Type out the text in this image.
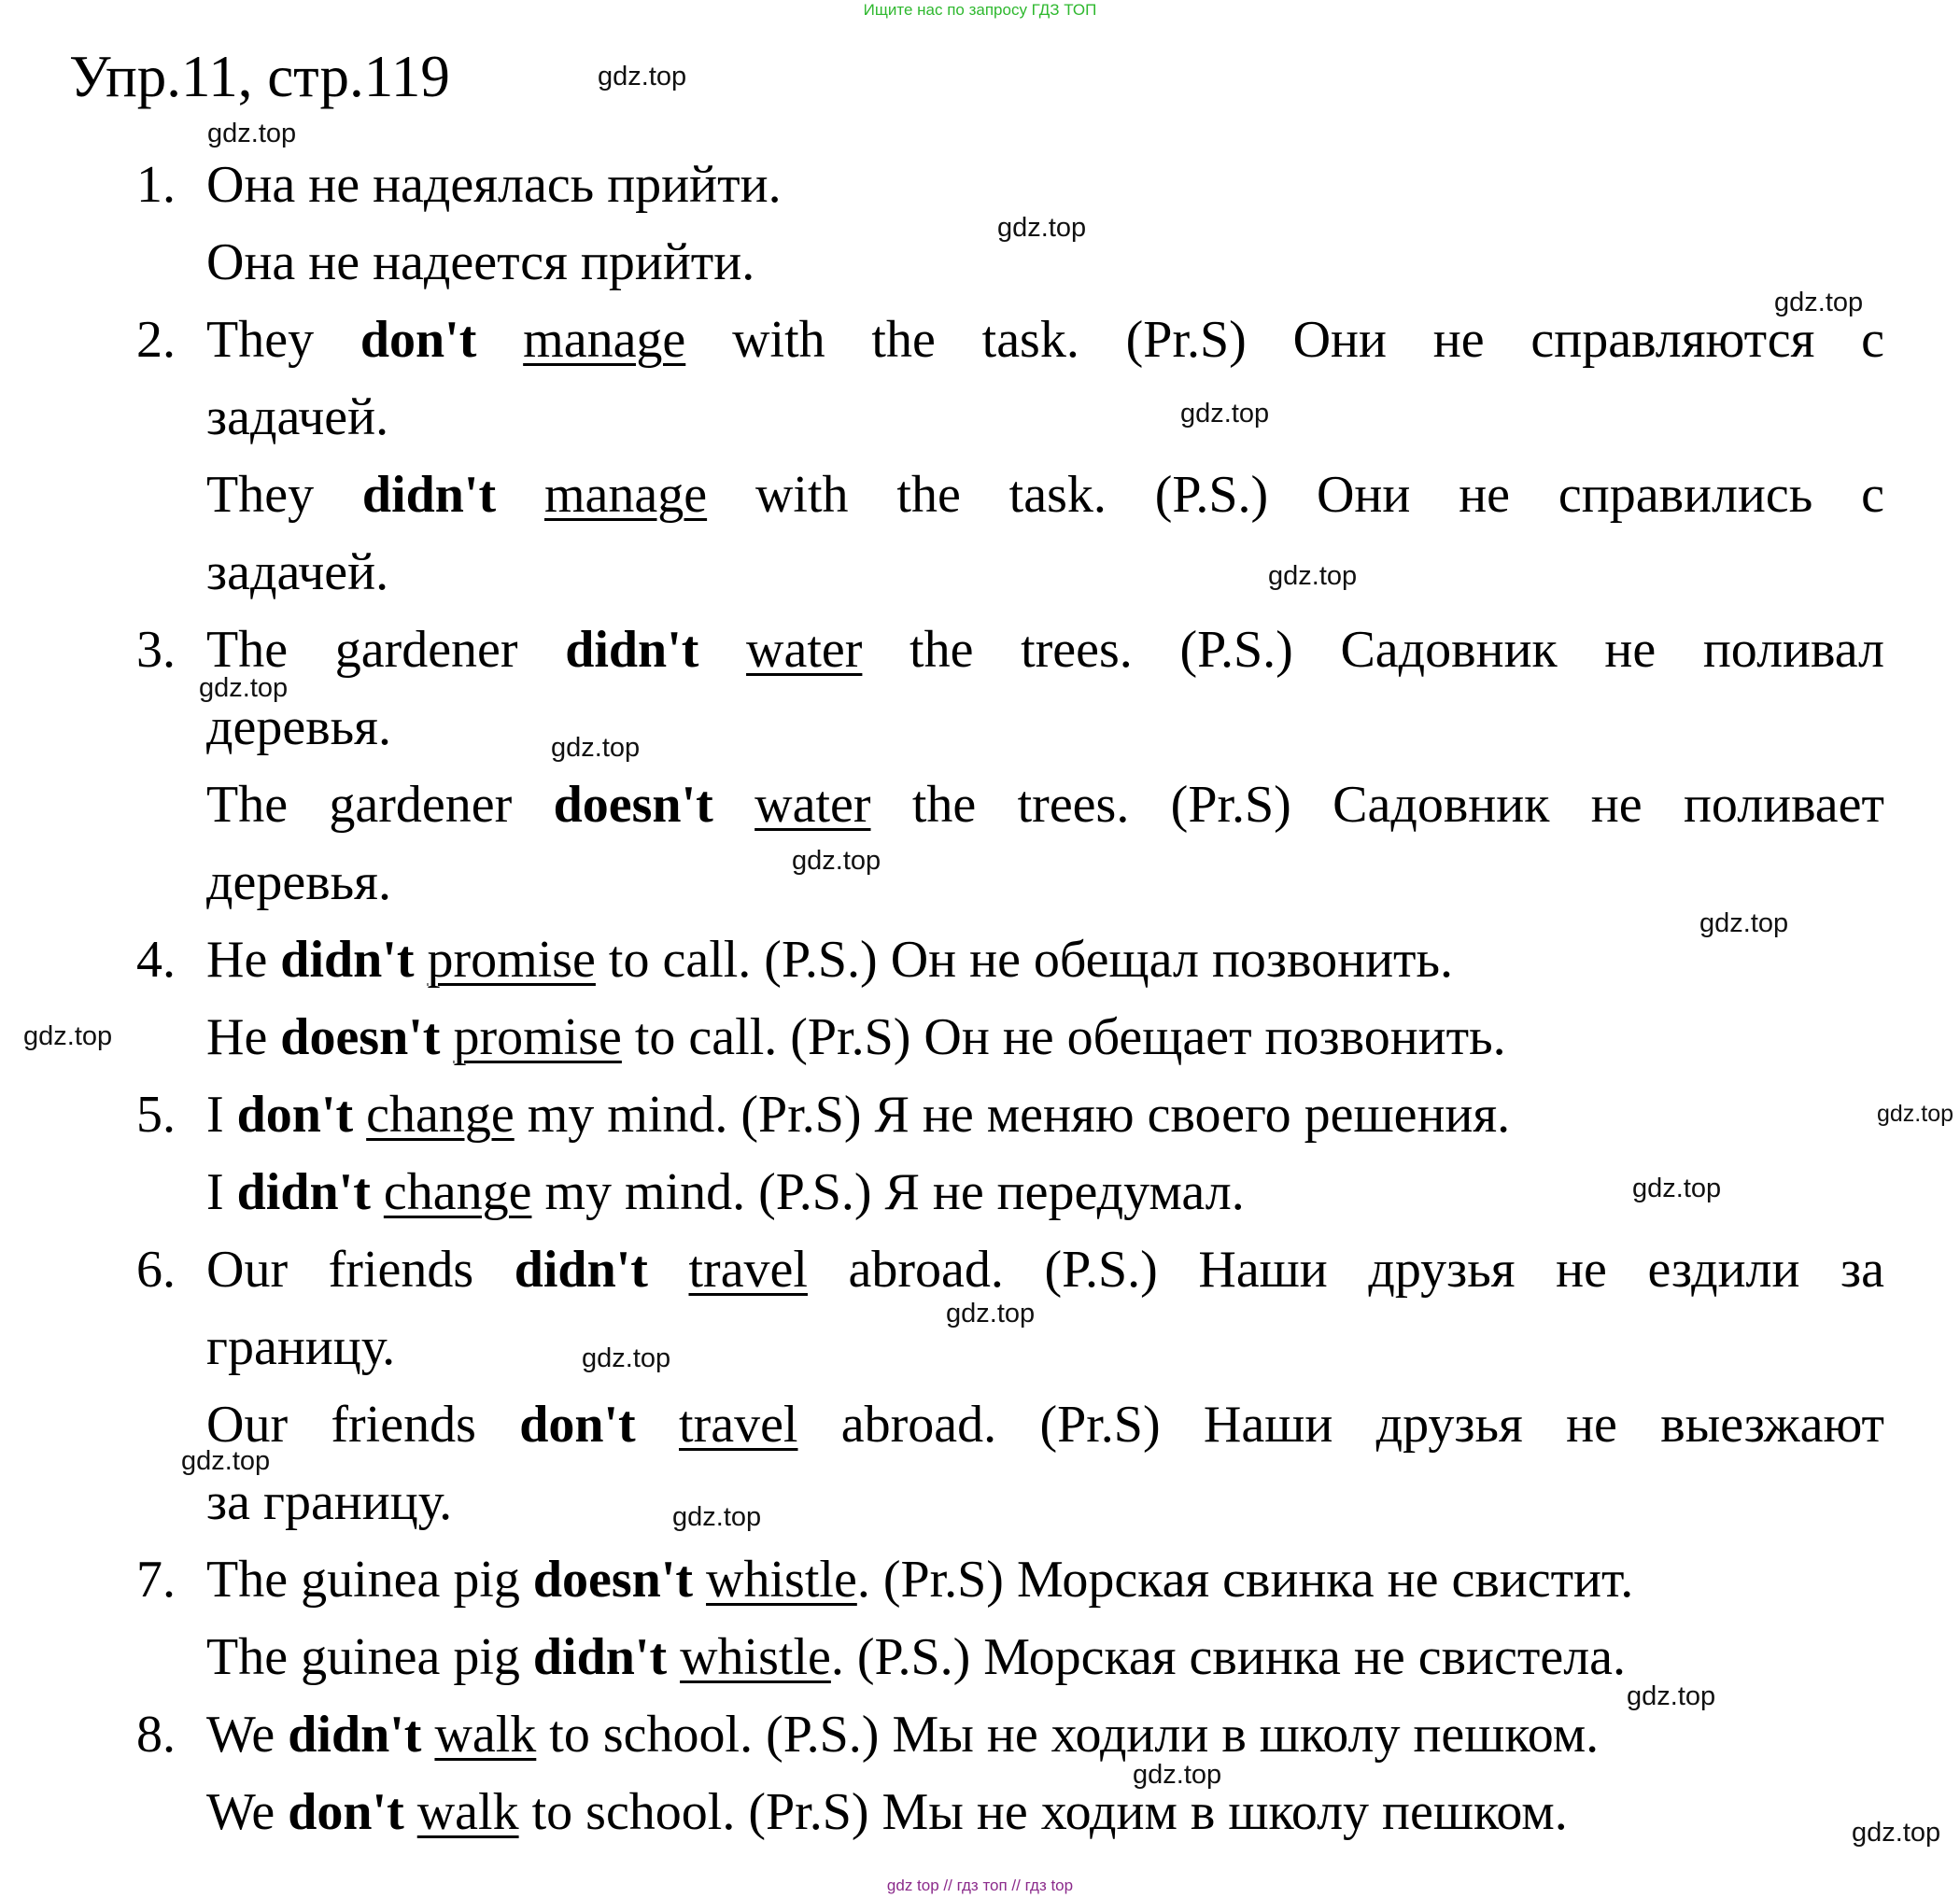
Ищите нас по запросу ГДЗ ТОП
Упр.11, стр.119
1. Она не надеялась прийти.
Она не надеется прийти.
2. They don't manage with the task. (Pr.S) Они не справляются с
задачей.
They didn't manage with the task. (P.S.) Они не справились с
задачей.
3. The gardener didn't water the trees. (P.S.) Садовник не поливал
деревья.
The gardener doesn't water the trees. (Pr.S) Садовник не поливает
деревья.
4. He didn't promise to call. (P.S.) Он не обещал позвонить.
He doesn't promise to call. (Pr.S) Он не обещает позвонить.
5. I don't change my mind. (Pr.S) Я не меняю своего решения.
I didn't change my mind. (P.S.) Я не передумал.
6. Our friends didn't travel abroad. (P.S.) Наши друзья не ездили за
границу.
Our friends don't travel abroad. (Pr.S) Наши друзья не выезжают
за границу.
7. The guinea pig doesn't whistle. (Pr.S) Морская свинка не свистит.
The guinea pig didn't whistle. (P.S.) Морская свинка не свистела.
8. We didn't walk to school. (P.S.) Мы не ходили в школу пешком.
We don't walk to school. (Pr.S) Мы не ходим в школу пешком.
gdz.top
gdz.top
gdz.top
gdz.top
gdz.top
gdz.top
gdz.top
gdz.top
gdz.top
gdz.top
gdz.top
gdz.top
gdz.top
gdz.top
gdz.top
gdz.top
gdz.top
gdz.top
gdz.top
gdz.top
gdz top // гдз топ // гдз top
